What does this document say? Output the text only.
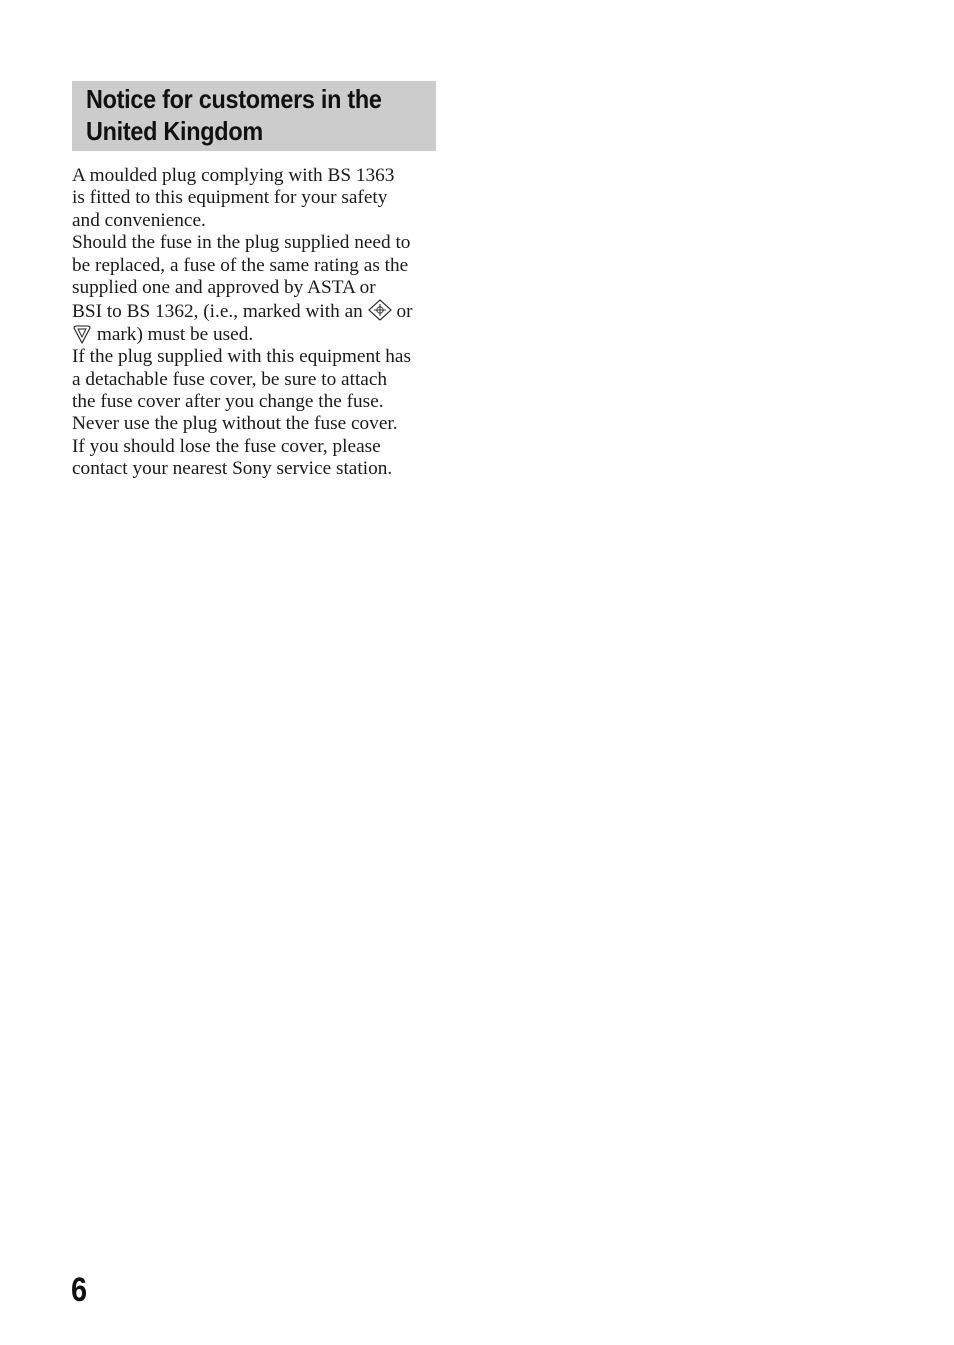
Notice for customers in the
United Kingdom

A moulded plug complying with BS 1363
is fitted to this equipment for your safety
and convenience.
Should the fuse in the plug supplied need to
be replaced, a fuse of the same rating as the
supplied one and approved by ASTA or
BSI to BS 1362, (i.e., marked with an or
mark) must be used.
If the plug supplied with this equipment has
a detachable fuse cover, be sure to attach
the fuse cover after you change the fuse.
Never use the plug without the fuse cover.
If you should lose the fuse cover, please
contact your nearest Sony service station.

6
